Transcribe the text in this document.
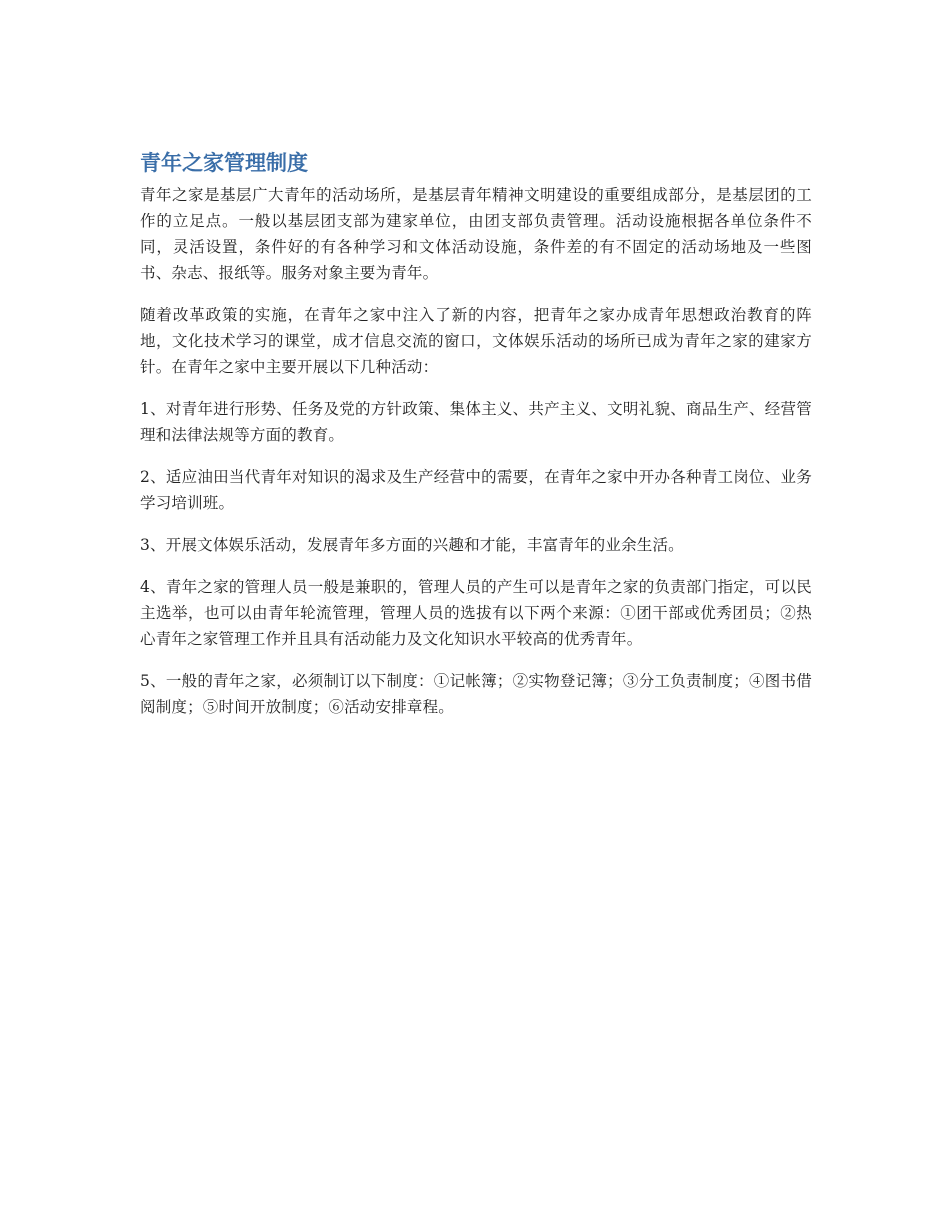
青年之家管理制度

青年之家是基层广大青年的活动场所，是基层青年精神文明建设的重要组成部分，是基层团的工作的立足点。一般以基层团支部为建家单位，由团支部负责管理。活动设施根据各单位条件不同，灵活设置，条件好的有各种学习和文体活动设施，条件差的有不固定的活动场地及一些图书、杂志、报纸等。服务对象主要为青年。

随着改革政策的实施，在青年之家中注入了新的内容，把青年之家办成青年思想政治教育的阵地，文化技术学习的课堂，成才信息交流的窗口，文体娱乐活动的场所已成为青年之家的建家方针。在青年之家中主要开展以下几种活动：

1、对青年进行形势、任务及党的方针政策、集体主义、共产主义、文明礼貌、商品生产、经营管理和法律法规等方面的教育。

2、适应油田当代青年对知识的渴求及生产经营中的需要，在青年之家中开办各种青工岗位、业务学习培训班。

3、开展文体娱乐活动，发展青年多方面的兴趣和才能，丰富青年的业余生活。

4、青年之家的管理人员一般是兼职的，管理人员的产生可以是青年之家的负责部门指定，可以民主选举，也可以由青年轮流管理，管理人员的选拔有以下两个来源：①团干部或优秀团员；②热心青年之家管理工作并且具有活动能力及文化知识水平较高的优秀青年。

5、一般的青年之家，必须制订以下制度：①记帐簿；②实物登记簿；③分工负责制度；④图书借阅制度；⑤时间开放制度；⑥活动安排章程。
